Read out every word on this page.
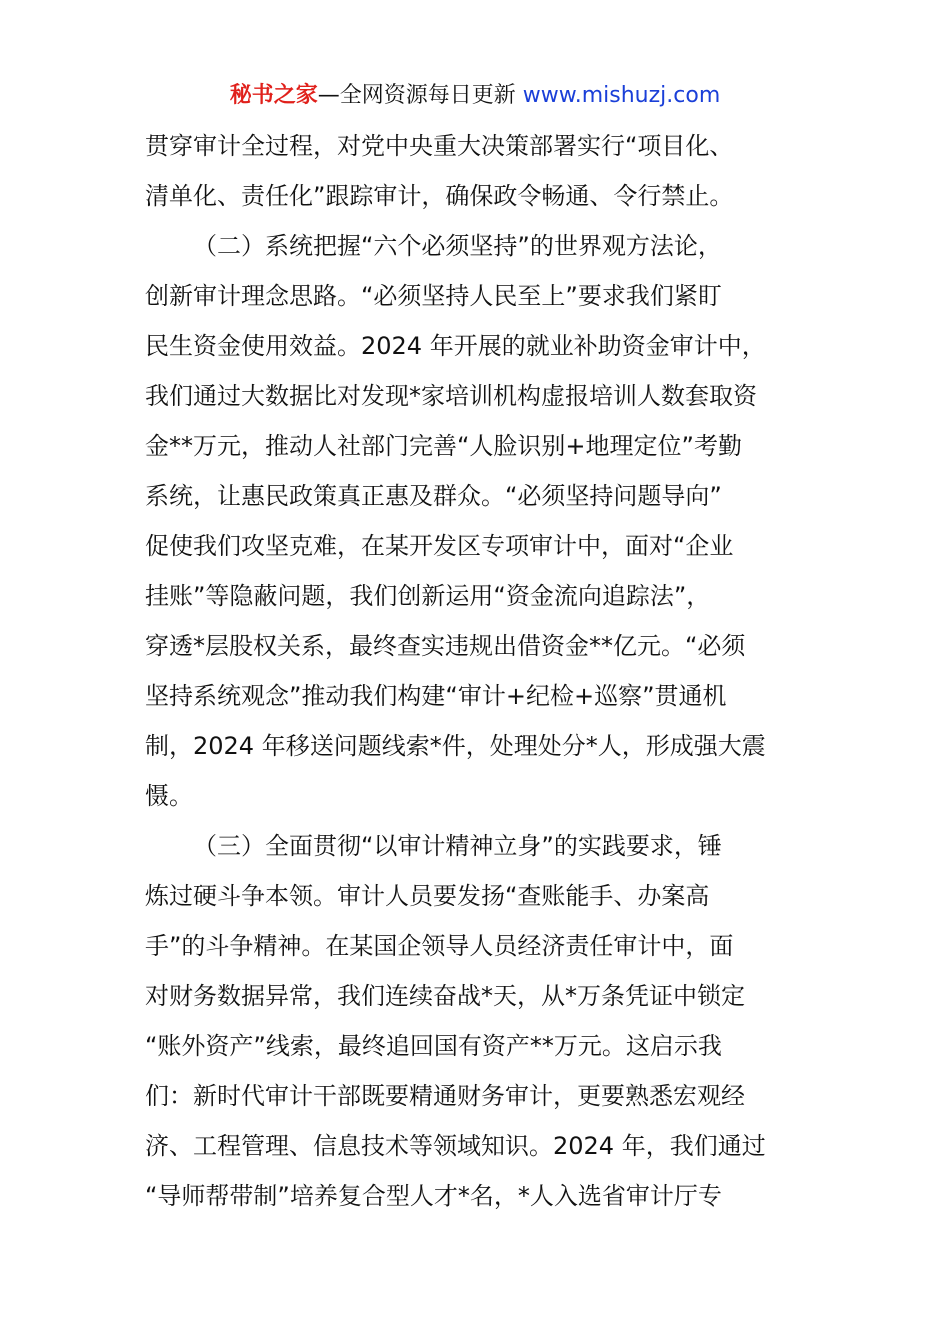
秘书之家—全网资源每日更新 www.mishuzj.com
贯穿审计全过程，对党中央重大决策部署实行“项目化、
清单化、责任化”跟踪审计，确保政令畅通、令行禁止。
（二）系统把握“六个必须坚持”的世界观方法论，
创新审计理念思路。“必须坚持人民至上”要求我们紧盯
民生资金使用效益。2024 年开展的就业补助资金审计中，
我们通过大数据比对发现*家培训机构虚报培训人数套取资
金**万元，推动人社部门完善“人脸识别+地理定位”考勤
系统，让惠民政策真正惠及群众。“必须坚持问题导向”
促使我们攻坚克难，在某开发区专项审计中，面对“企业
挂账”等隐蔽问题，我们创新运用“资金流向追踪法”，
穿透*层股权关系，最终查实违规出借资金**亿元。“必须
坚持系统观念”推动我们构建“审计+纪检+巡察”贯通机
制，2024 年移送问题线索*件，处理处分*人，形成强大震
慑。
（三）全面贯彻“以审计精神立身”的实践要求，锤
炼过硬斗争本领。审计人员要发扬“查账能手、办案高
手”的斗争精神。在某国企领导人员经济责任审计中，面
对财务数据异常，我们连续奋战*天，从*万条凭证中锁定
“账外资产”线索，最终追回国有资产**万元。这启示我
们：新时代审计干部既要精通财务审计，更要熟悉宏观经
济、工程管理、信息技术等领域知识。2024 年，我们通过
“导师帮带制”培养复合型人才*名，*人入选省审计厅专
